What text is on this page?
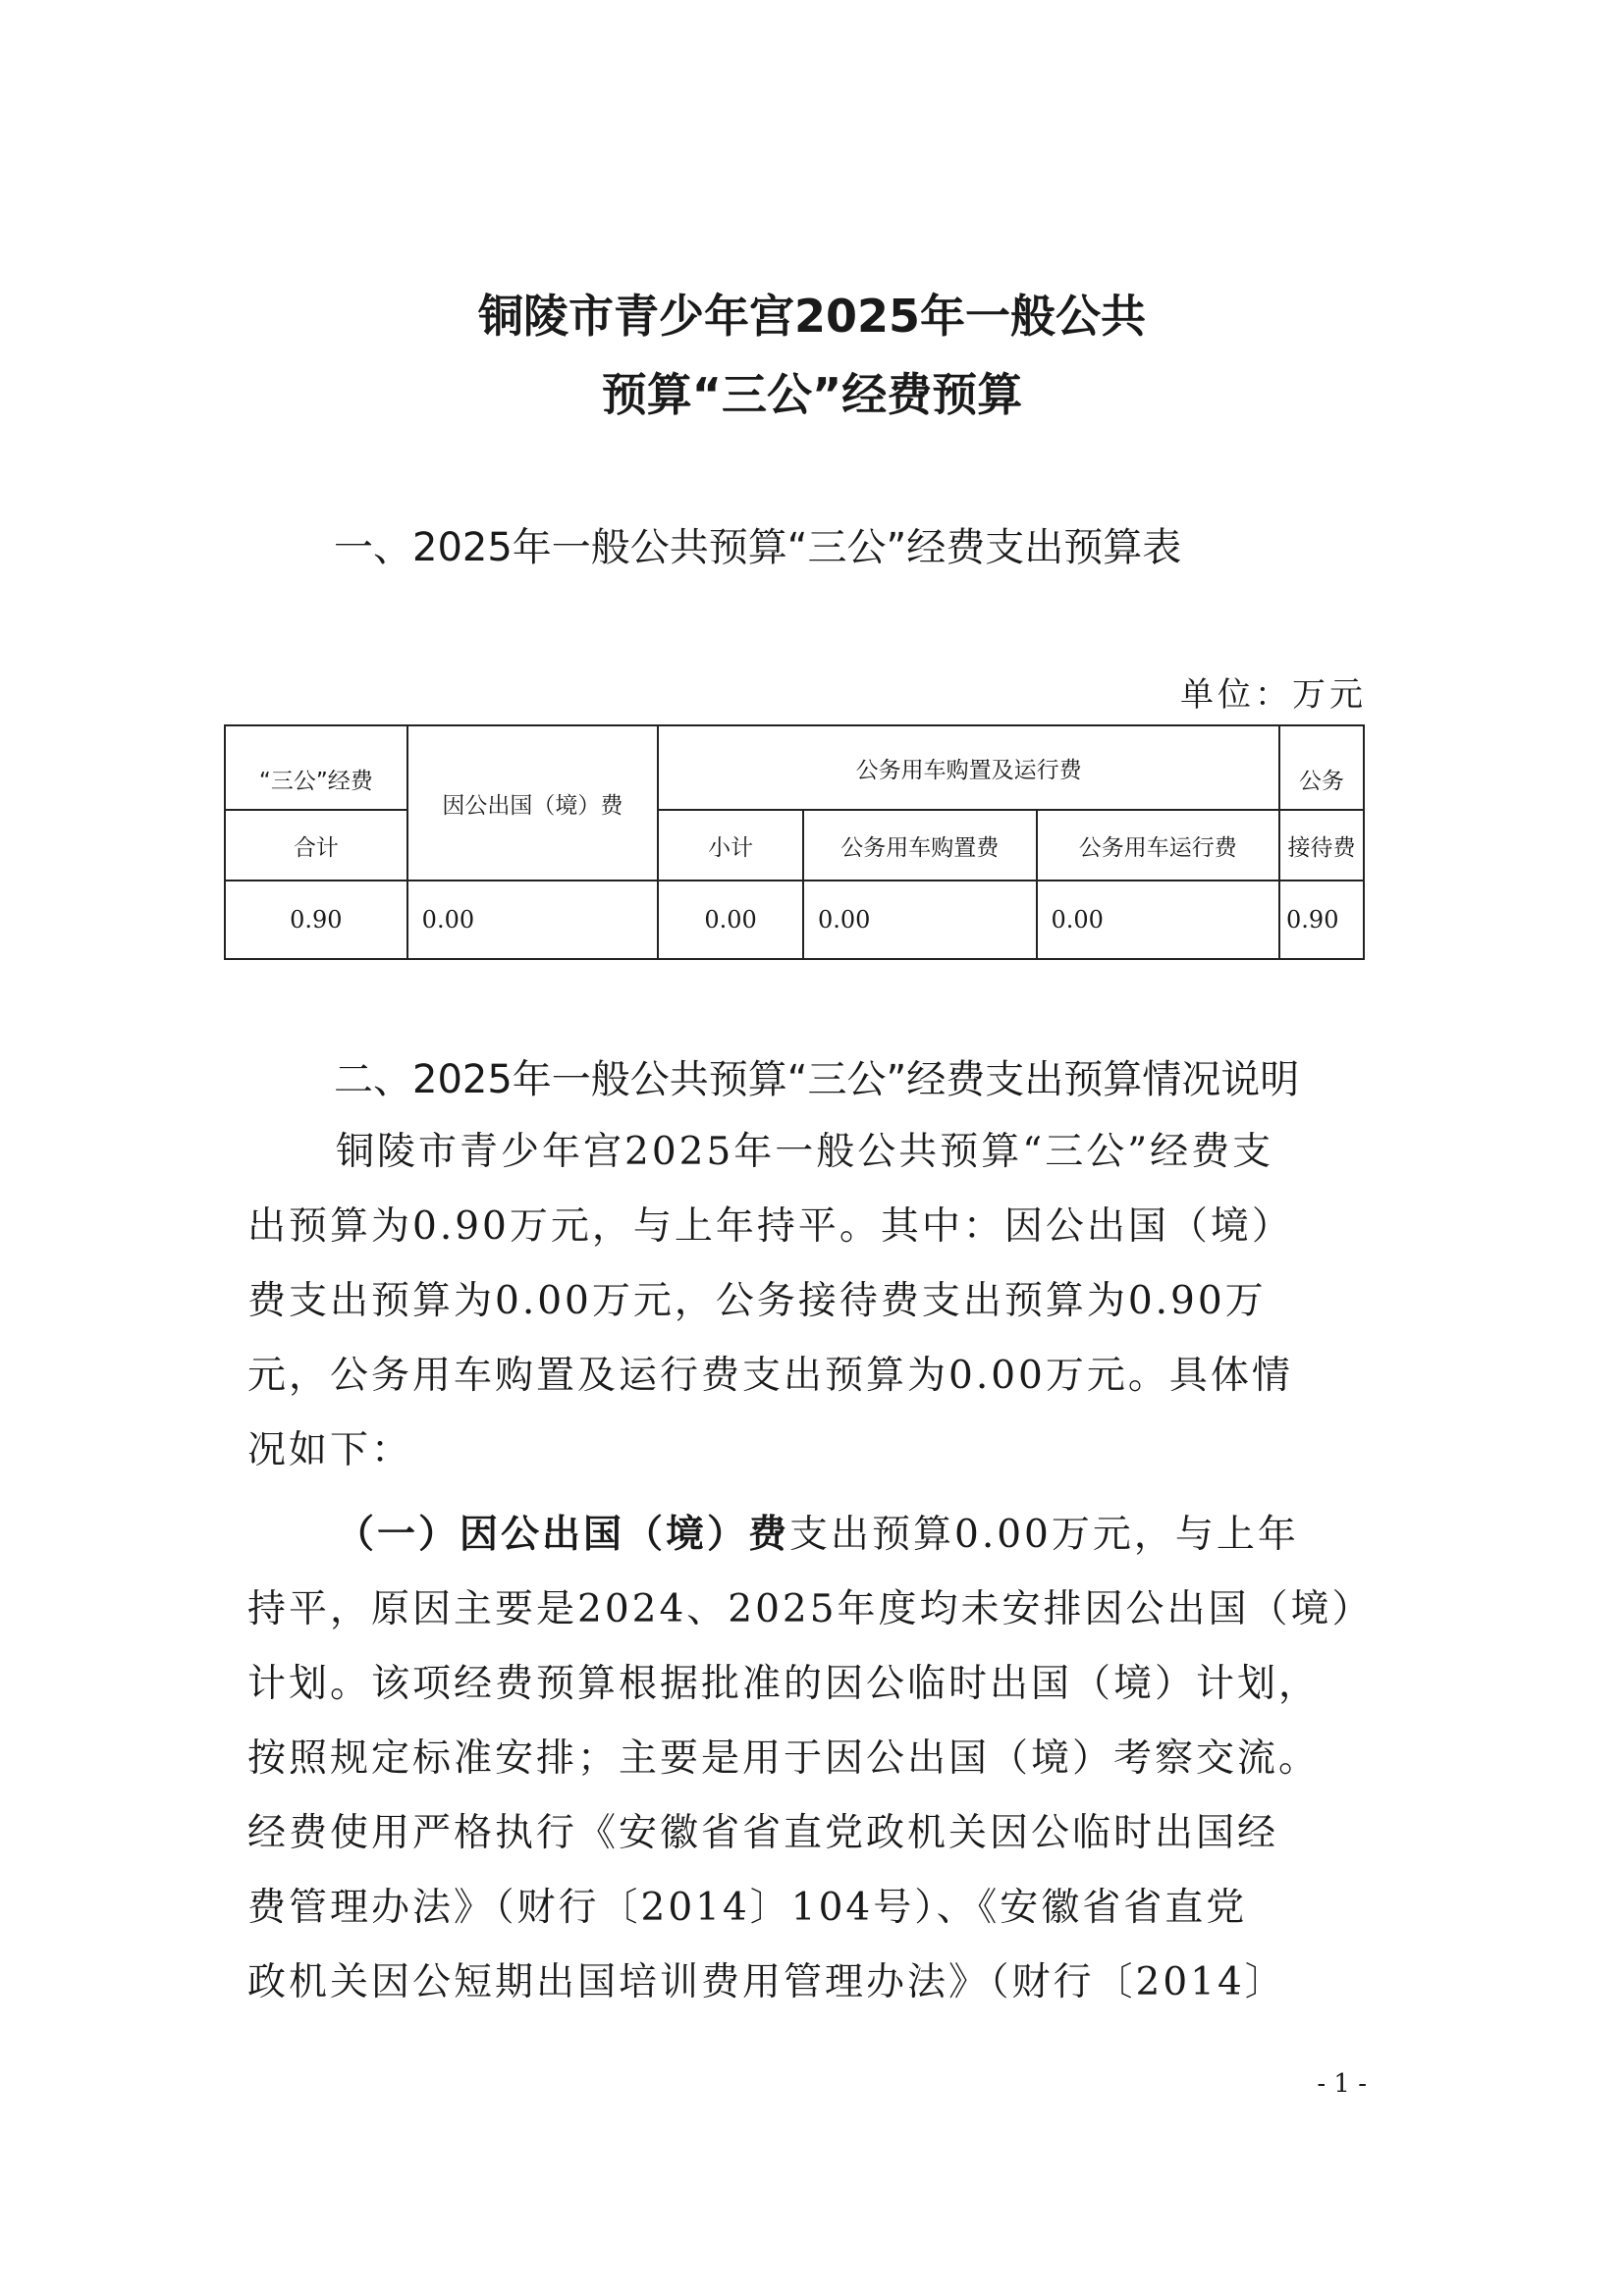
铜陵市青少年宫2025年一般公共
预算“三公”经费预算
一、2025年一般公共预算“三公”经费支出预算表
单位：万元
“三公”经费	因公出国（境）费	公务用车购置及运行费			公务
合计		小计	公务用车购置费	公务用车运行费	接待费
0.90	0.00	0.00	0.00	0.00	0.90
二、2025年一般公共预算“三公”经费支出预算情况说明
铜陵市青少年宫2025年一般公共预算“三公”经费支
出预算为0.90万元，与上年持平。其中：因公出国（境）
费支出预算为0.00万元，公务接待费支出预算为0.90万
元，公务用车购置及运行费支出预算为0.00万元。具体情
况如下：
（一）因公出国（境）费支出预算0.00万元，与上年
持平，原因主要是2024、2025年度均未安排因公出国（境）
计划。该项经费预算根据批准的因公临时出国（境）计划，
按照规定标准安排；主要是用于因公出国（境）考察交流。
经费使用严格执行《安徽省省直党政机关因公临时出国经
费管理办法》（财行〔2014〕104号）、《安徽省省直党
政机关因公短期出国培训费用管理办法》（财行〔2014〕
- 1 -
